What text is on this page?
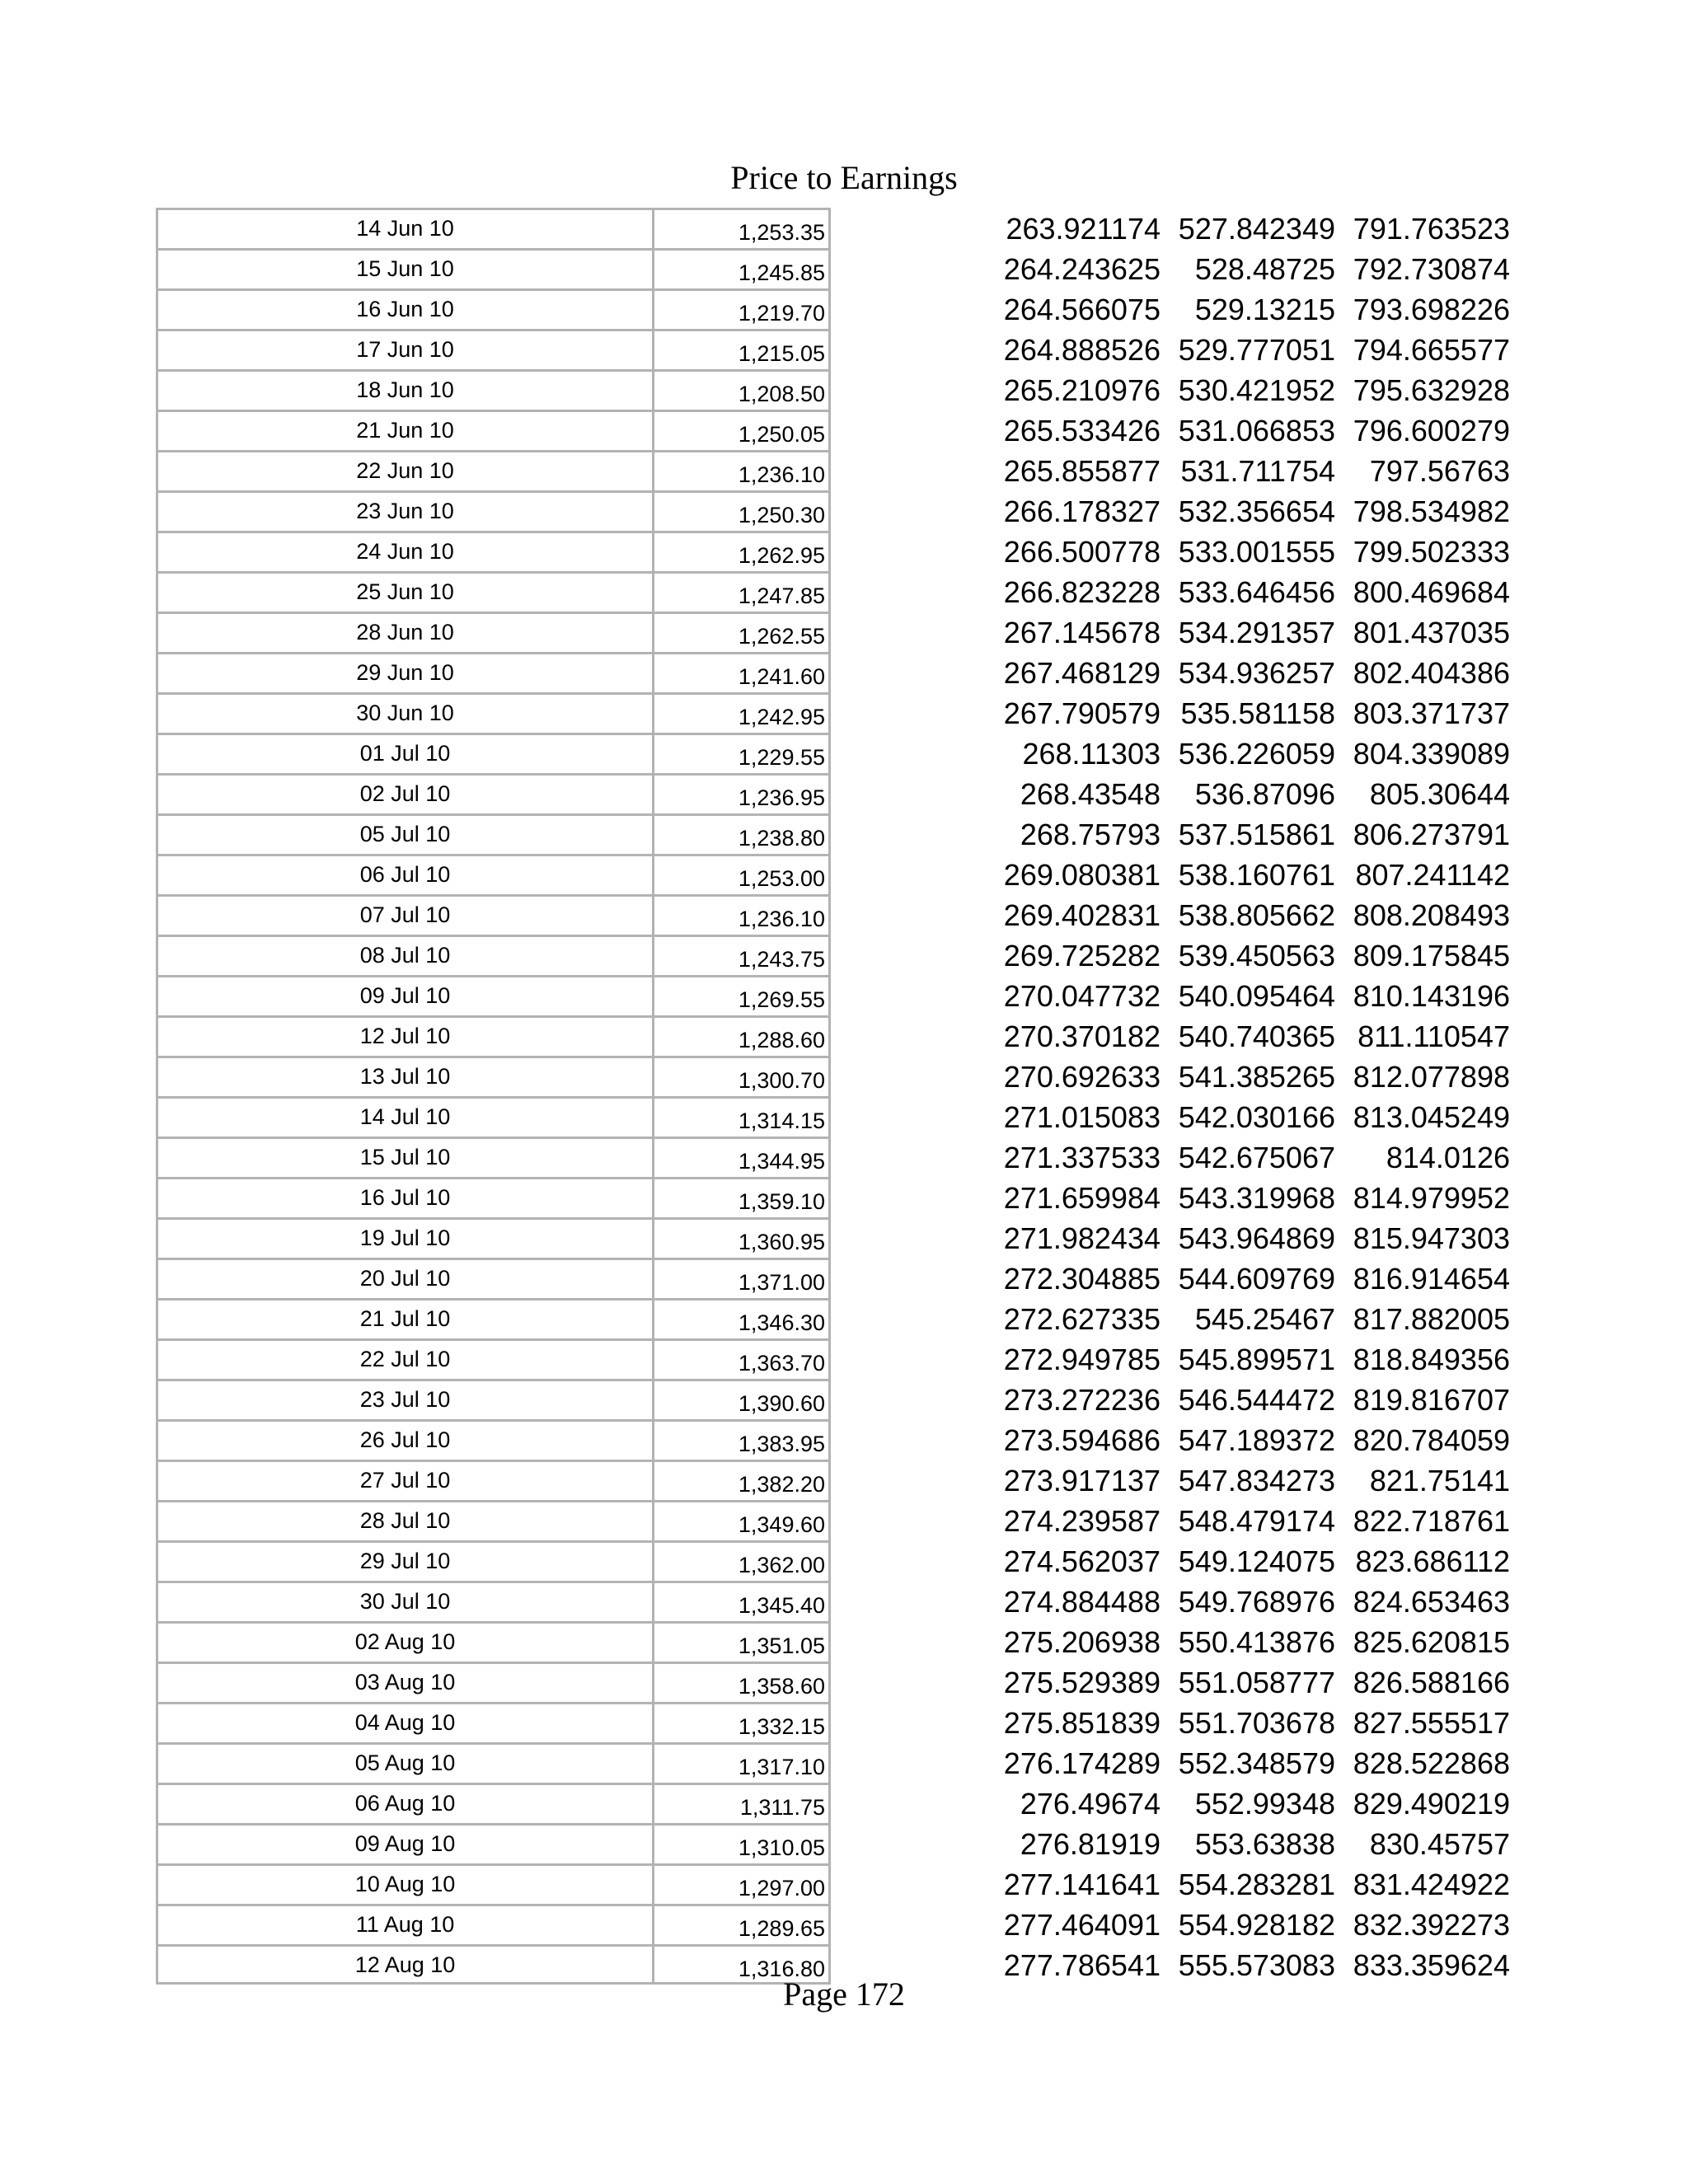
Price to Earnings
14 Jun 10	1,253.35	263.921174 527.842349 791.763523
15 Jun 10	1,245.85	264.243625	528.48725 792.730874
16 Jun 10	1,219.70	264.566075	529.13215 793.698226
17 Jun 10	1,215.05	264.888526 529.777051 794.665577
18 Jun 10	1,208.50	265.210976 530.421952 795.632928
21 Jun 10	1,250.05	265.533426 531.066853 796.600279
22 Jun 10	1,236.10	265.855877 531.711754	797.56763
23 Jun 10	1,250.30	266.178327 532.356654 798.534982
24 Jun 10	1,262.95	266.500778 533.001555 799.502333
25 Jun 10	1,247.85	266.823228 533.646456 800.469684
28 Jun 10	1,262.55	267.145678 534.291357 801.437035
29 Jun 10	1,241.60	267.468129 534.936257 802.404386
30 Jun 10	1,242.95	267.790579 535.581158 803.371737
01 Jul 10	1,229.55	268.11303 536.226059 804.339089
02 Jul 10	1,236.95	268.43548	536.87096	805.30644
05 Jul 10	1,238.80	268.75793 537.515861 806.273791
06 Jul 10	1,253.00	269.080381 538.160761 807.241142
07 Jul 10	1,236.10	269.402831 538.805662 808.208493
08 Jul 10	1,243.75	269.725282 539.450563 809.175845
09 Jul 10	1,269.55	270.047732 540.095464 810.143196
12 Jul 10	1,288.60	270.370182 540.740365 811.110547
13 Jul 10	1,300.70	270.692633 541.385265 812.077898
14 Jul 10	1,314.15	271.015083 542.030166 813.045249
15 Jul 10	1,344.95	271.337533 542.675067	814.0126
16 Jul 10	1,359.10	271.659984 543.319968 814.979952
19 Jul 10	1,360.95	271.982434 543.964869 815.947303
20 Jul 10	1,371.00	272.304885 544.609769 816.914654
21 Jul 10	1,346.30	272.627335	545.25467 817.882005
22 Jul 10	1,363.70	272.949785 545.899571 818.849356
23 Jul 10	1,390.60	273.272236 546.544472 819.816707
26 Jul 10	1,383.95	273.594686 547.189372 820.784059
27 Jul 10	1,382.20	273.917137 547.834273	821.75141
28 Jul 10	1,349.60	274.239587 548.479174 822.718761
29 Jul 10	1,362.00	274.562037 549.124075 823.686112
30 Jul 10	1,345.40	274.884488 549.768976 824.653463
02 Aug 10	1,351.05	275.206938 550.413876 825.620815
03 Aug 10	1,358.60	275.529389 551.058777 826.588166
04 Aug 10	1,332.15	275.851839 551.703678 827.555517
05 Aug 10	1,317.10	276.174289 552.348579 828.522868
06 Aug 10	1,311.75	276.49674	552.99348 829.490219
09 Aug 10	1,310.05	276.81919	553.63838	830.45757
10 Aug 10	1,297.00	277.141641 554.283281 831.424922
11 Aug 10	1,289.65	277.464091 554.928182 832.392273
12 Aug 10	1,316.80	277.786541 555.573083 833.359624
Page 172
